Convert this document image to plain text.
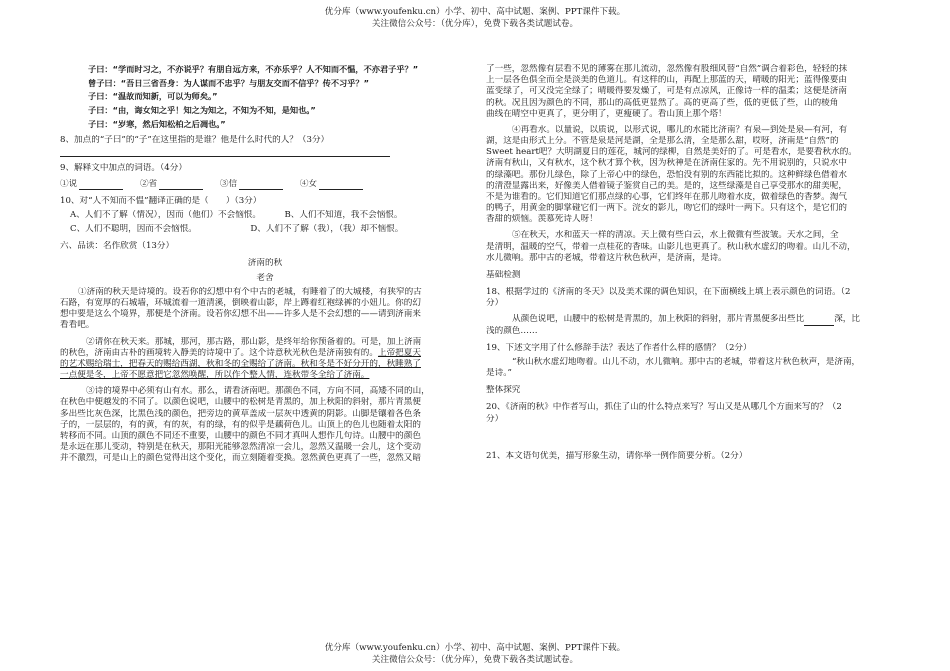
优分库（www.youfenku.cn）小学、初中、高中试题、案例、PPT课件下载。
关注微信公众号：（优分库），免费下载各类试题试卷。
子曰：“学而时习之，不亦说乎？有朋自远方来，不亦乐乎？人不知而不愠，不亦君子乎？”
曾子曰：“吾日三省吾身：为人谋而不忠乎？与朋友交而不信乎？传不习乎？”
子曰：“温故而知新，可以为师矣。”
子曰：“由，诲女知之乎！知之为知之，不知为不知，是知也。”
子曰：“岁寒，然后知松柏之后凋也。”
8、加点的“子曰”的“子”在这里指的是谁？他是什么时代的人？（3分）
9、解释文中加点的词语。（4分）
①说	②省	③信	④女
10、对“人不知而不愠”翻译正确的是（　　）（3分）
A、人们不了解（情况），因而（他们）不会恼恨。	B、人们不知道，我不会恼恨。
C、人们不聪明，因而不会恼恨。	D、人们不了解（我），（我）却不恼恨。
六、品读：名作欣赏（13分）
济南的秋
老舍
①济南的秋天是诗境的。设若你的幻想中有个中古的老城，有睡着了的大城楼，有狭窄的古
石路，有宽厚的石城墙，环城流着一道清溪，倒映着山影，岸上蹲着红袍绿裤的小妞儿。你的幻
想中要是这么个境界，那便是个济南。设若你幻想不出——许多人是不会幻想的——请到济南来
看看吧。
②请你在秋天来。那城，那河，那古路，那山影，是终年给你预备着的。可是，加上济南
的秋色，济南由古朴的画境转入静美的诗境中了。这个诗意秋光秋色是济南独有的。上帝把夏天
的艺术赐给瑞士，把春天的赐给西湖，秋和冬的全赐给了济南。秋和冬是不好分开的，秋睡熟了
一点便是冬，上帝不愿意把它忽然唤醒，所以作个整人情，连秋带冬全给了济南。
③诗的境界中必须有山有水。那么，请看济南吧。那颜色不同，方向不同，高矮不同的山，
在秋色中便越发的不同了。以颜色说吧，山腰中的松树是青黑的，加上秋阳的斜射，那片青黑便
多出些比灰色深，比黑色浅的颜色，把旁边的黄草盖成一层灰中透黄的阴影。山脚是镶着各色条
子的，一层层的，有的黄，有的灰，有的绿，有的似乎是藕荷色儿。山顶上的色儿也随着太阳的
转移而不同。山顶的颜色不同还不重要，山腰中的颜色不同才真叫人想作几句诗。山腰中的颜色
是永远在那儿变动，特别是在秋天，那阳光能够忽然清凉一会儿，忽然又温暖一会儿，这个变动
并不激烈，可是山上的颜色觉得出这个变化，而立刻随着变换。忽然黄色更真了一些，忽然又暗
了一些，忽然像有层看不见的薄雾在那儿流动，忽然像有股细风替“自然”调合着彩色，轻轻的抹
上一层各色俱全而全是淡美的色道儿。有这样的山，再配上那蓝的天，晴暖的阳光；蓝得像要由
蓝变绿了，可又没完全绿了；晴暖得要发燥了，可是有点凉风，正像诗一样的温柔；这便是济南
的秋。况且因为颜色的不同，那山的高低更显然了。高的更高了些，低的更低了些，山的棱角
曲线在晴空中更真了，更分明了，更瘦硬了。看山顶上那个塔！
④再看水。以量说，以质说，以形式说，哪儿的水能比济南？有泉—到处是泉—有河，有
湖，这是由形式上分。不管是泉是河是湖，全是那么清，全是那么甜，哎呀，济南是“自然”的
Sweet heart吧？大明湖夏日的莲花，城河的绿柳，自然是美好的了。可是看水，是要看秋水的。
济南有秋山，又有秋水，这个秋才算个秋，因为秋神是在济南住家的。先不用说别的，只说水中
的绿藻吧。那份儿绿色，除了上帝心中的绿色，恐怕没有别的东西能比拟的。这种鲜绿色借着水
的清澄显露出来，好像美人借着镜子鉴赏自己的美。是的，这些绿藻是自己享受那水的甜美呢，
不是为谁看的。它们知道它们那点绿的心事，它们终年在那儿吻着水皮，做着绿色的香梦。淘气
的鸭子，用黄金的脚掌碰它们一两下。浣女的影儿，吻它们的绿叶一两下。只有这个，是它们的
香甜的烦恼。羡慕死诗人呀！
⑤在秋天，水和蓝天一样的清凉。天上微有些白云，水上微微有些波皱。天水之间，全
是清明，温暖的空气，带着一点桂花的香味。山影儿也更真了。秋山秋水虚幻的吻着。山儿不动，
水儿微响。那中古的老城，带着这片秋色秋声，是济南，是诗。
基础检测
18、根据学过的《济南的冬天》以及美术课的调色知识，在下面横线上填上表示颜色的词语。（2
分）
从颜色说吧，山腰中的松树是青黑的，加上秋阳的斜射，那片青黑便多出些比	深，比
浅的颜色……
19、下述文字用了什么修辞手法？表达了作者什么样的感情？（2分）
“秋山秋水虚幻地吻着。山儿不动，水儿微响。那中古的老城，带着这片秋色秋声，是济南，
是诗。”
整体探究
20、《济南的秋》中作者写山，抓住了山的什么特点来写？写山又是从哪几个方面来写的？（2
分）
21、本文语句优美，描写形象生动，请你举一例作简要分析。（2分）
优分库（www.youfenku.cn）小学、初中、高中试题、案例、PPT课件下载。
关注微信公众号：（优分库），免费下载各类试题试卷。
